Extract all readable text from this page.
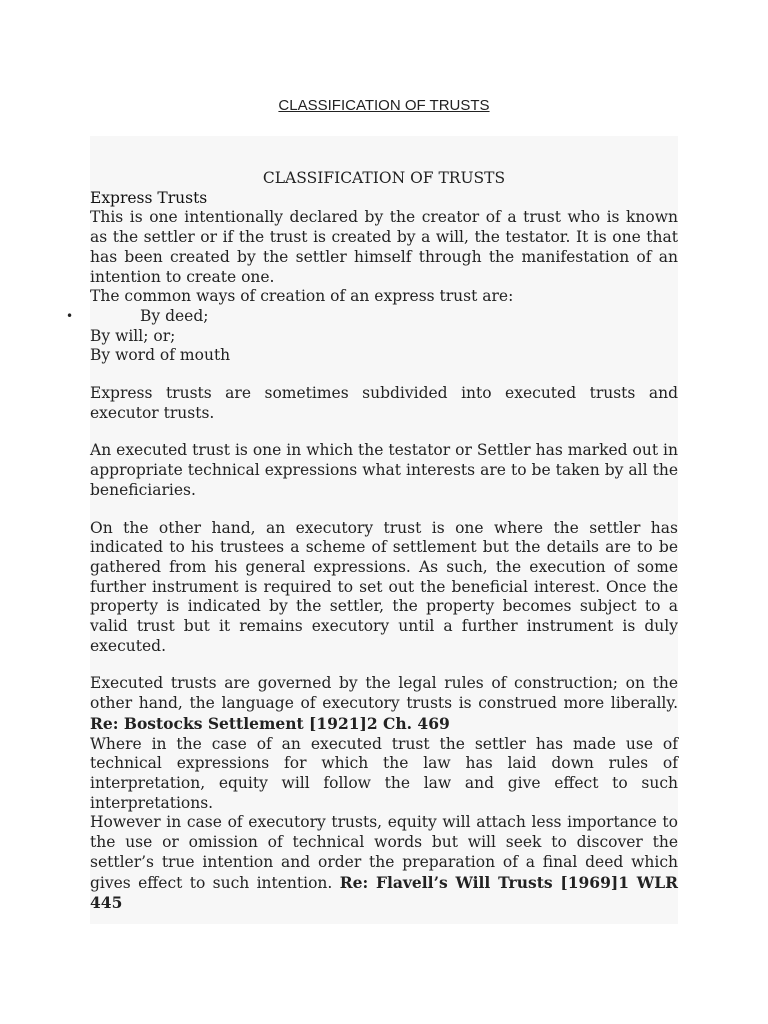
CLASSIFICATION OF TRUSTS
CLASSIFICATION OF TRUSTS
Express Trusts

This is one intentionally declared by the creator of a trust who is known as the settler or if the trust is created by a will, the testator. It is one that has been created by the settler himself through the manifestation of an intention to create one.

The common ways of creation of an express trust are:
•	By deed;
By will; or;
By word of mouth

Express trusts are sometimes subdivided into executed trusts and executor trusts.

An executed trust is one in which the testator or Settler has marked out in appropriate technical expressions what interests are to be taken by all the beneficiaries.

On the other hand, an executory trust is one where the settler has indicated to his trustees a scheme of settlement but the details are to be gathered from his general expressions. As such, the execution of some further instrument is required to set out the beneficial interest. Once the property is indicated by the settler, the property becomes subject to a valid trust but it remains executory until a further instrument is duly executed.

Executed trusts are governed by the legal rules of construction; on the other hand, the language of executory trusts is construed more liberally. Re: Bostocks Settlement [1921]2 Ch. 469

Where in the case of an executed trust the settler has made use of technical expressions for which the law has laid down rules of interpretation, equity will follow the law and give effect to such interpretations.

However in case of executory trusts, equity will attach less importance to the use or omission of technical words but will seek to discover the settler’s true intention and order the preparation of a final deed which gives effect to such intention. Re: Flavell’s Will Trusts [1969]1 WLR 445
